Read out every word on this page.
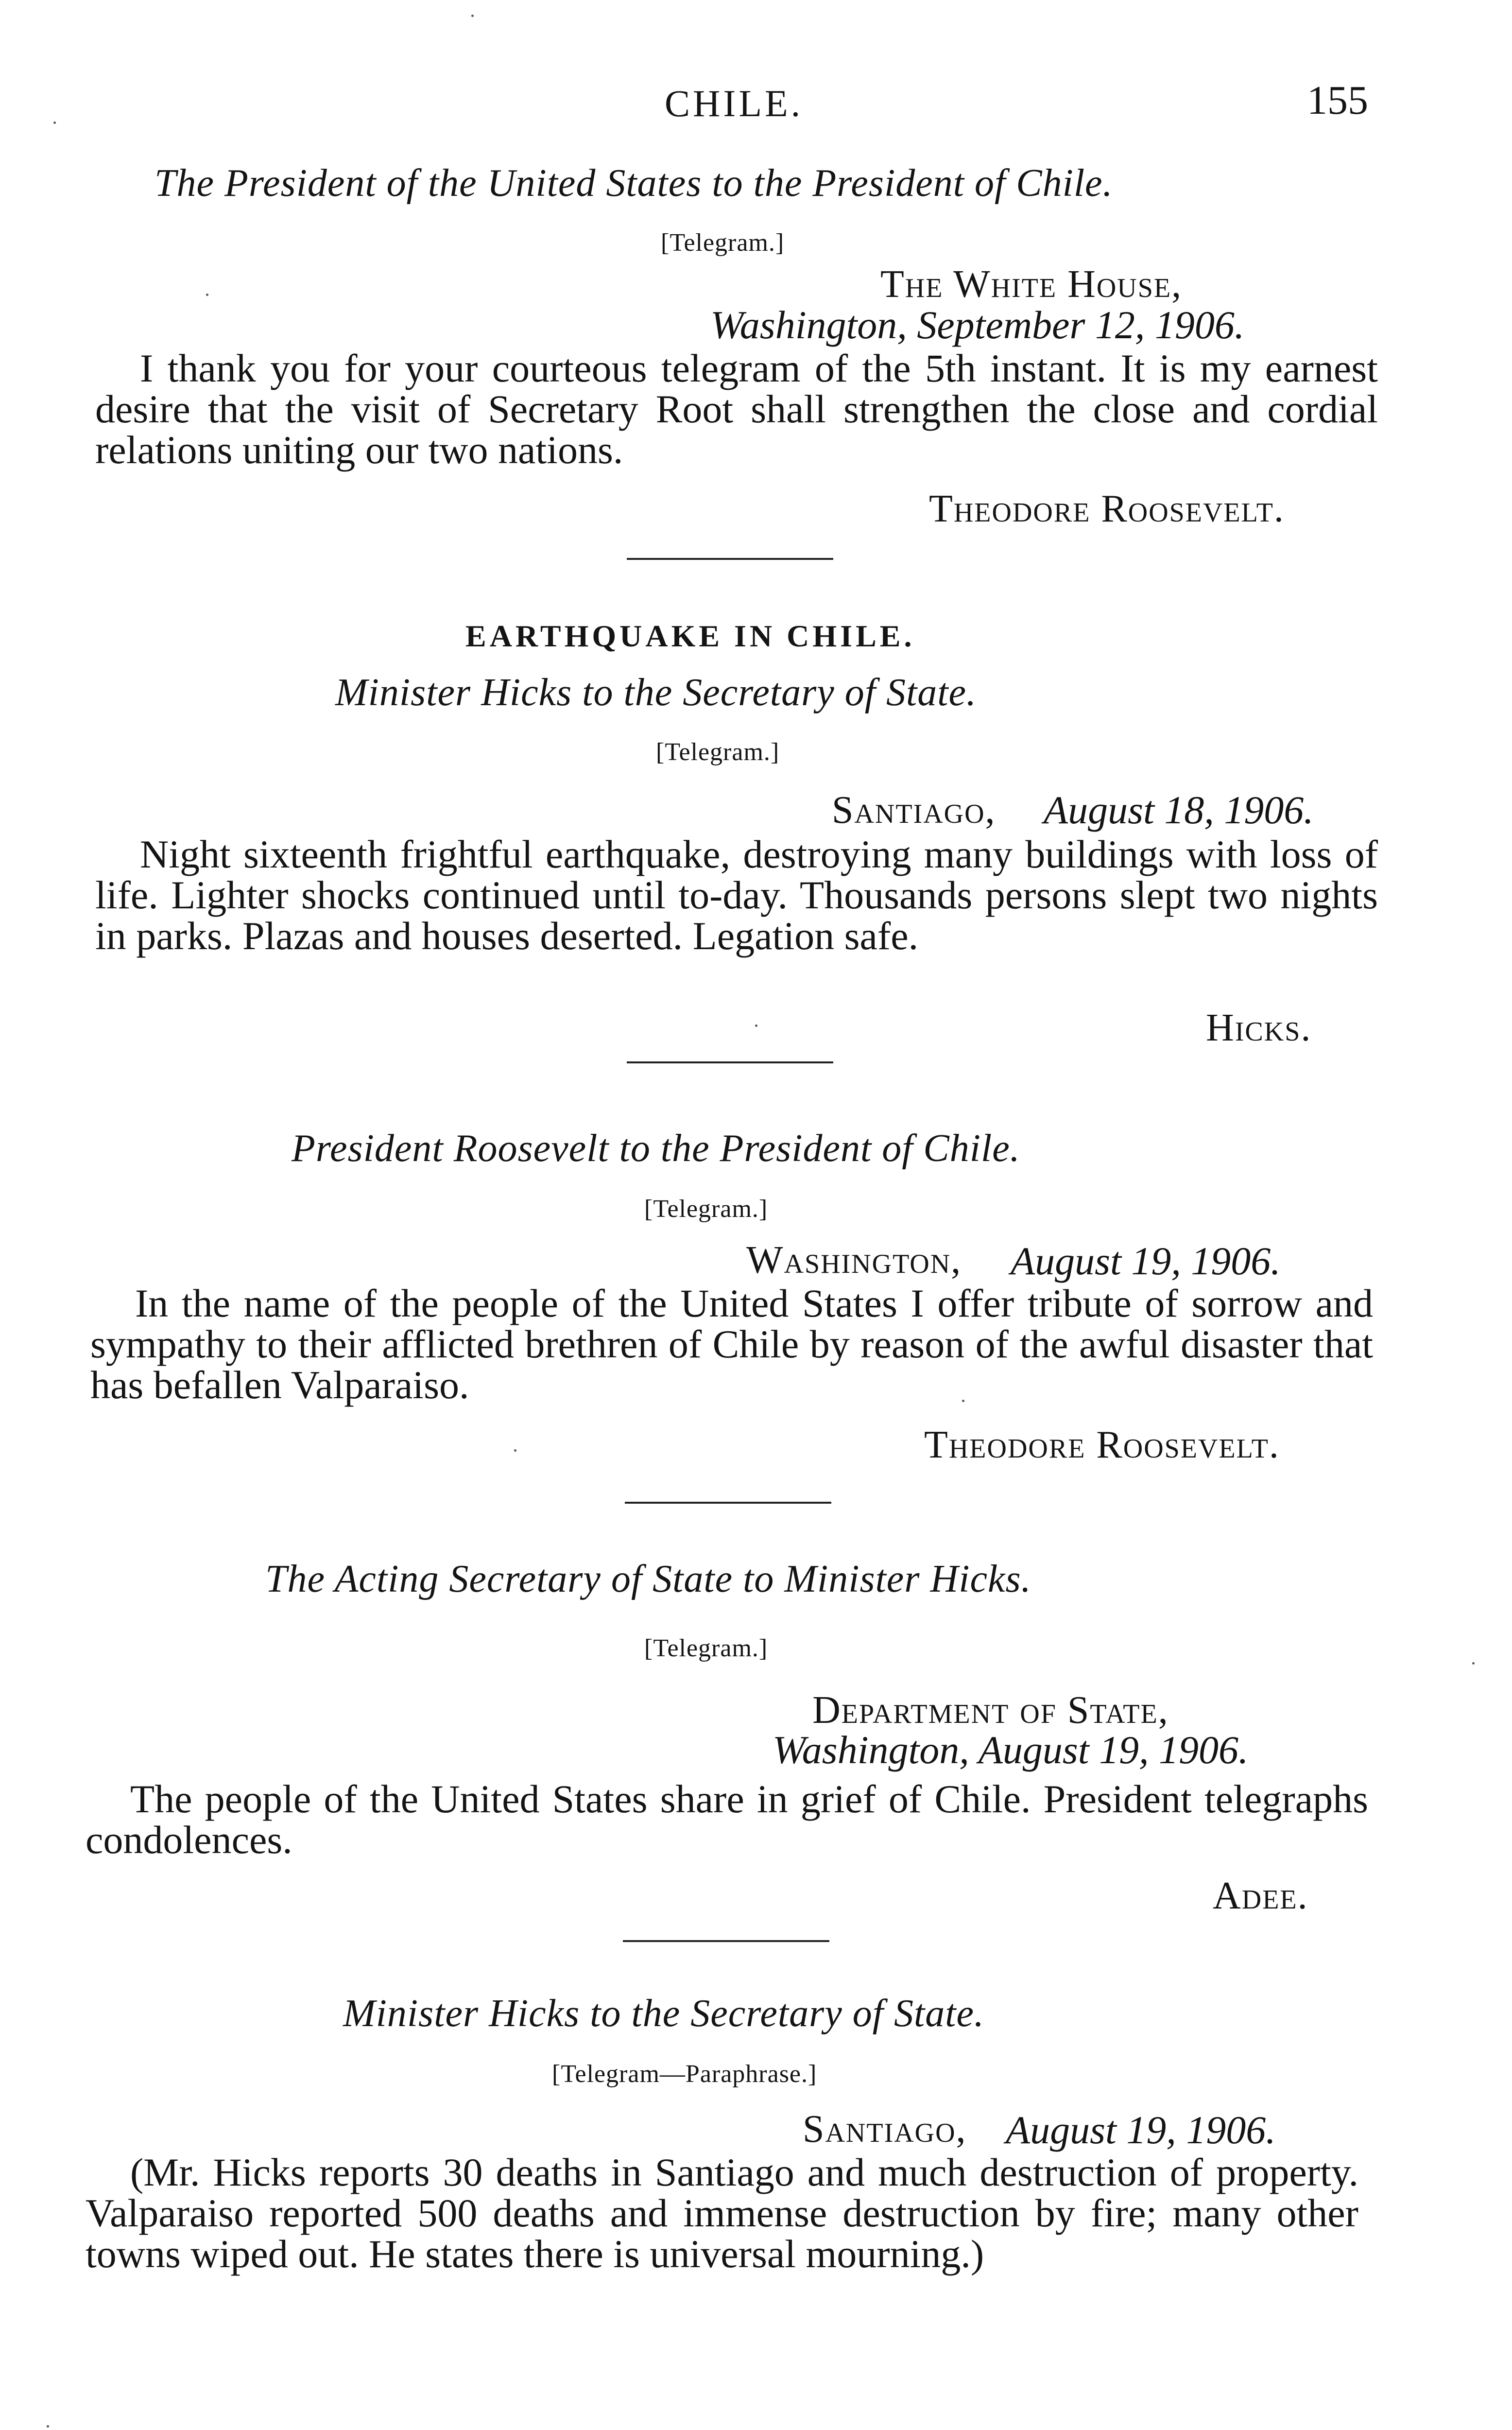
CHILE.	155
The President of the United States to the President of Chile.
[Telegram.]
The White House,
Washington, September 12, 1906.

I thank you for your courteous telegram of the 5th instant. It is my earnest desire that the visit of Secretary Root shall strengthen the close and cordial relations uniting our two nations.

Theodore Roosevelt.
EARTHQUAKE IN CHILE.
Minister Hicks to the Secretary of State.
[Telegram.]
Santiago, August 18, 1906.

Night sixteenth frightful earthquake, destroying many buildings with loss of life. Lighter shocks continued until to-day. Thousands persons slept two nights in parks. Plazas and houses deserted. Legation safe.

Hicks.
President Roosevelt to the President of Chile.
[Telegram.]
Washington, August 19, 1906.

In the name of the people of the United States I offer tribute of sorrow and sympathy to their afflicted brethren of Chile by reason of the awful disaster that has befallen Valparaiso.

Theodore Roosevelt.
The Acting Secretary of State to Minister Hicks.
[Telegram.]
Department of State,
Washington, August 19, 1906.

The people of the United States share in grief of Chile. President telegraphs condolences.

Adee.
Minister Hicks to the Secretary of State.
[Telegram—Paraphrase.]
Santiago, August 19, 1906.

(Mr. Hicks reports 30 deaths in Santiago and much destruction of property. Valparaiso reported 500 deaths and immense destruction by fire; many other towns wiped out. He states there is universal mourning.)
